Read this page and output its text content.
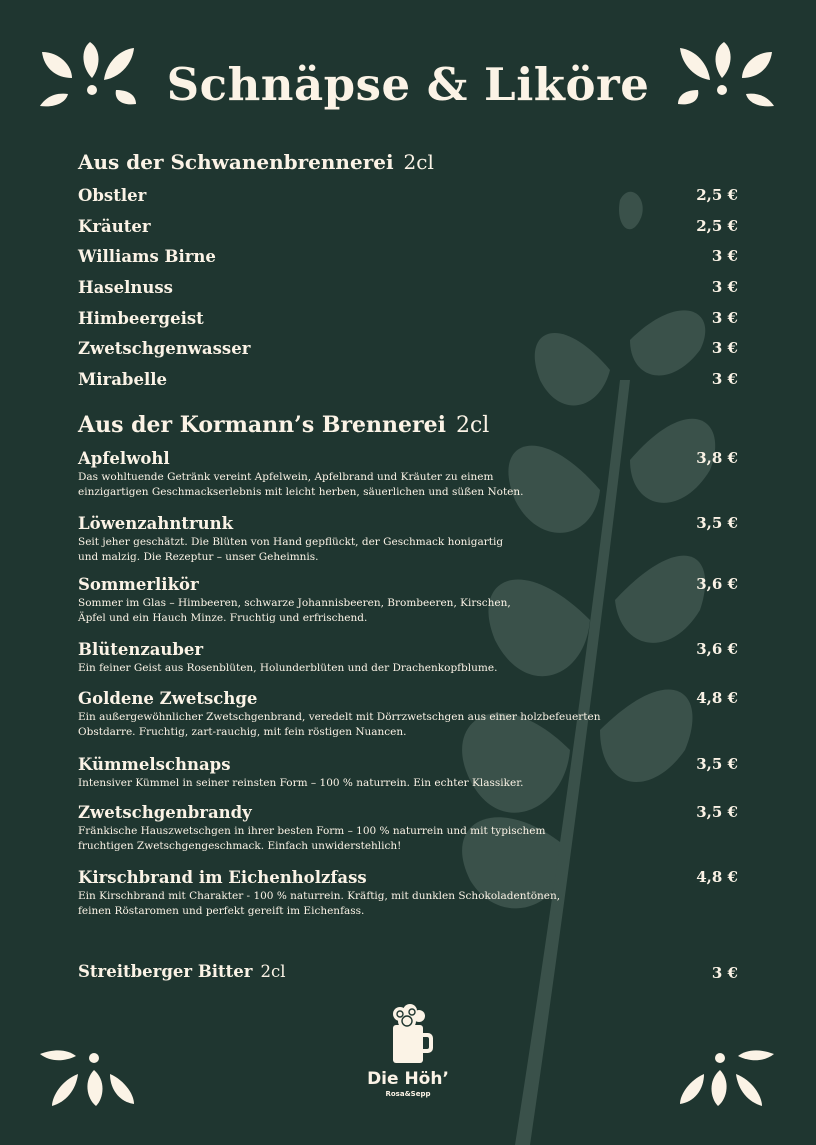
Schnäpse & Liköre
Aus der Schwanenbrennerei 2cl
Obstler	2,5 €
Kräuter	2,5 €
Williams Birne	3 €
Haselnuss	3 €
Himbeergeist	3 €
Zwetschgenwasser	3 €
Mirabelle	3 €
Aus der Kormann’s Brennerei 2cl
Apfelwohl	3,8 €
Das wohltuende Getränk vereint Apfelwein, Apfelbrand und Kräuter zu einem
einzigartigen Geschmackserlebnis mit leicht herben, säuerlichen und süßen Noten.
Löwenzahntrunk	3,5 €
Seit jeher geschätzt. Die Blüten von Hand gepflückt, der Geschmack honigartig
und malzig. Die Rezeptur – unser Geheimnis.
Sommerlikör	3,6 €
Sommer im Glas – Himbeeren, schwarze Johannisbeeren, Brombeeren, Kirschen,
Äpfel und ein Hauch Minze. Fruchtig und erfrischend.
Blütenzauber	3,6 €
Ein feiner Geist aus Rosenblüten, Holunderblüten und der Drachenkopfblume.
Goldene Zwetschge	4,8 €
Ein außergewöhnlicher Zwetschgenbrand, veredelt mit Dörrzwetschgen aus einer holzbefeuerten
Obstdarre. Fruchtig, zart-rauchig, mit fein röstigen Nuancen.
Kümmelschnaps	3,5 €
Intensiver Kümmel in seiner reinsten Form – 100 % naturrein. Ein echter Klassiker.
Zwetschgenbrandy	3,5 €
Fränkische Hauszwetschgen in ihrer besten Form – 100 % naturrein und mit typischem
fruchtigen Zwetschgengeschmack. Einfach unwiderstehlich!
Kirschbrand im Eichenholzfass	4,8 €
Ein Kirschbrand mit Charakter - 100 % naturrein. Kräftig, mit dunklen Schokoladentönen,
feinen Röstaromen und perfekt gereift im Eichenfass.
Streitberger Bitter 2cl	3 €
Die Höh’
Rosa&Sepp
